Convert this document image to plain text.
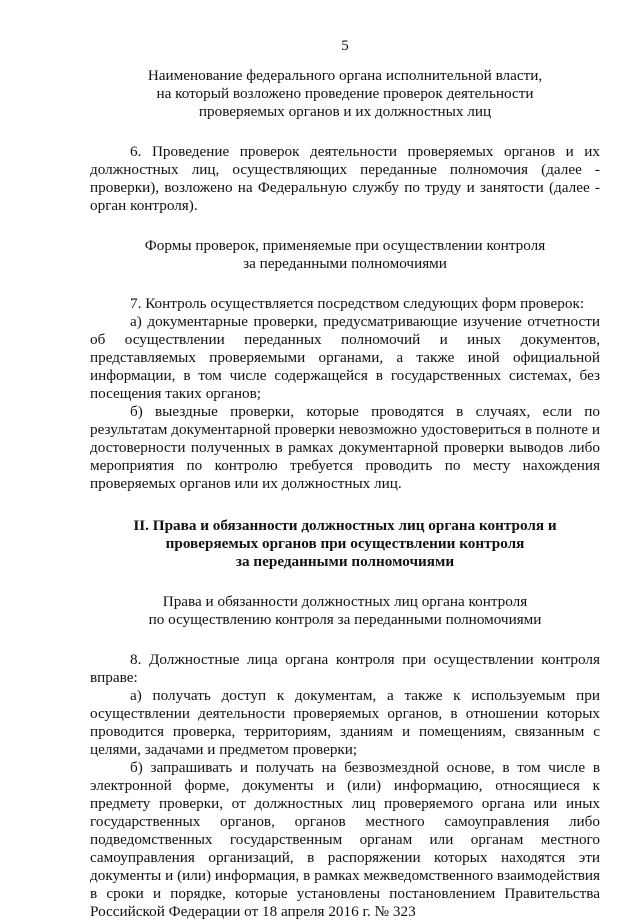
5
Наименование федерального органа исполнительной власти,
на который возложено проведение проверок деятельности
проверяемых органов и их должностных лиц

6. Проведение проверок деятельности проверяемых органов и их должностных лиц, осуществляющих переданные полномочия (далее - проверки), возложено на Федеральную службу по труду и занятости (далее - орган контроля).

Формы проверок, применяемые при осуществлении контроля
за переданными полномочиями

7. Контроль осуществляется посредством следующих форм проверок:

а) документарные проверки, предусматривающие изучение отчетности об осуществлении переданных полномочий и иных документов, представляемых проверяемыми органами, а также иной официальной информации, в том числе содержащейся в государственных системах, без посещения таких органов;

б) выездные проверки, которые проводятся в случаях, если по результатам документарной проверки невозможно удостовериться в полноте и достоверности полученных в рамках документарной проверки выводов либо мероприятия по контролю требуется проводить по месту нахождения проверяемых органов или их должностных лиц.

II. Права и обязанности должностных лиц органа контроля и
проверяемых органов при осуществлении контроля
за переданными полномочиями
Права и обязанности должностных лиц органа контроля
по осуществлению контроля за переданными полномочиями

8. Должностные лица органа контроля при осуществлении контроля вправе:

а) получать доступ к документам, а также к используемым при осуществлении деятельности проверяемых органов, в отношении которых проводится проверка, территориям, зданиям и помещениям, связанным с целями, задачами и предметом проверки;

б) запрашивать и получать на безвозмездной основе, в том числе в электронной форме, документы и (или) информацию, относящиеся к предмету проверки, от должностных лиц проверяемого органа или иных государственных органов, органов местного самоуправления либо подведомственных государственным органам или органам местного самоуправления организаций, в распоряжении которых находятся эти документы и (или) информация, в рамках межведомственного взаимодействия в сроки и порядке, которые установлены постановлением Правительства Российской Федерации от 18 апреля 2016 г. № 323
